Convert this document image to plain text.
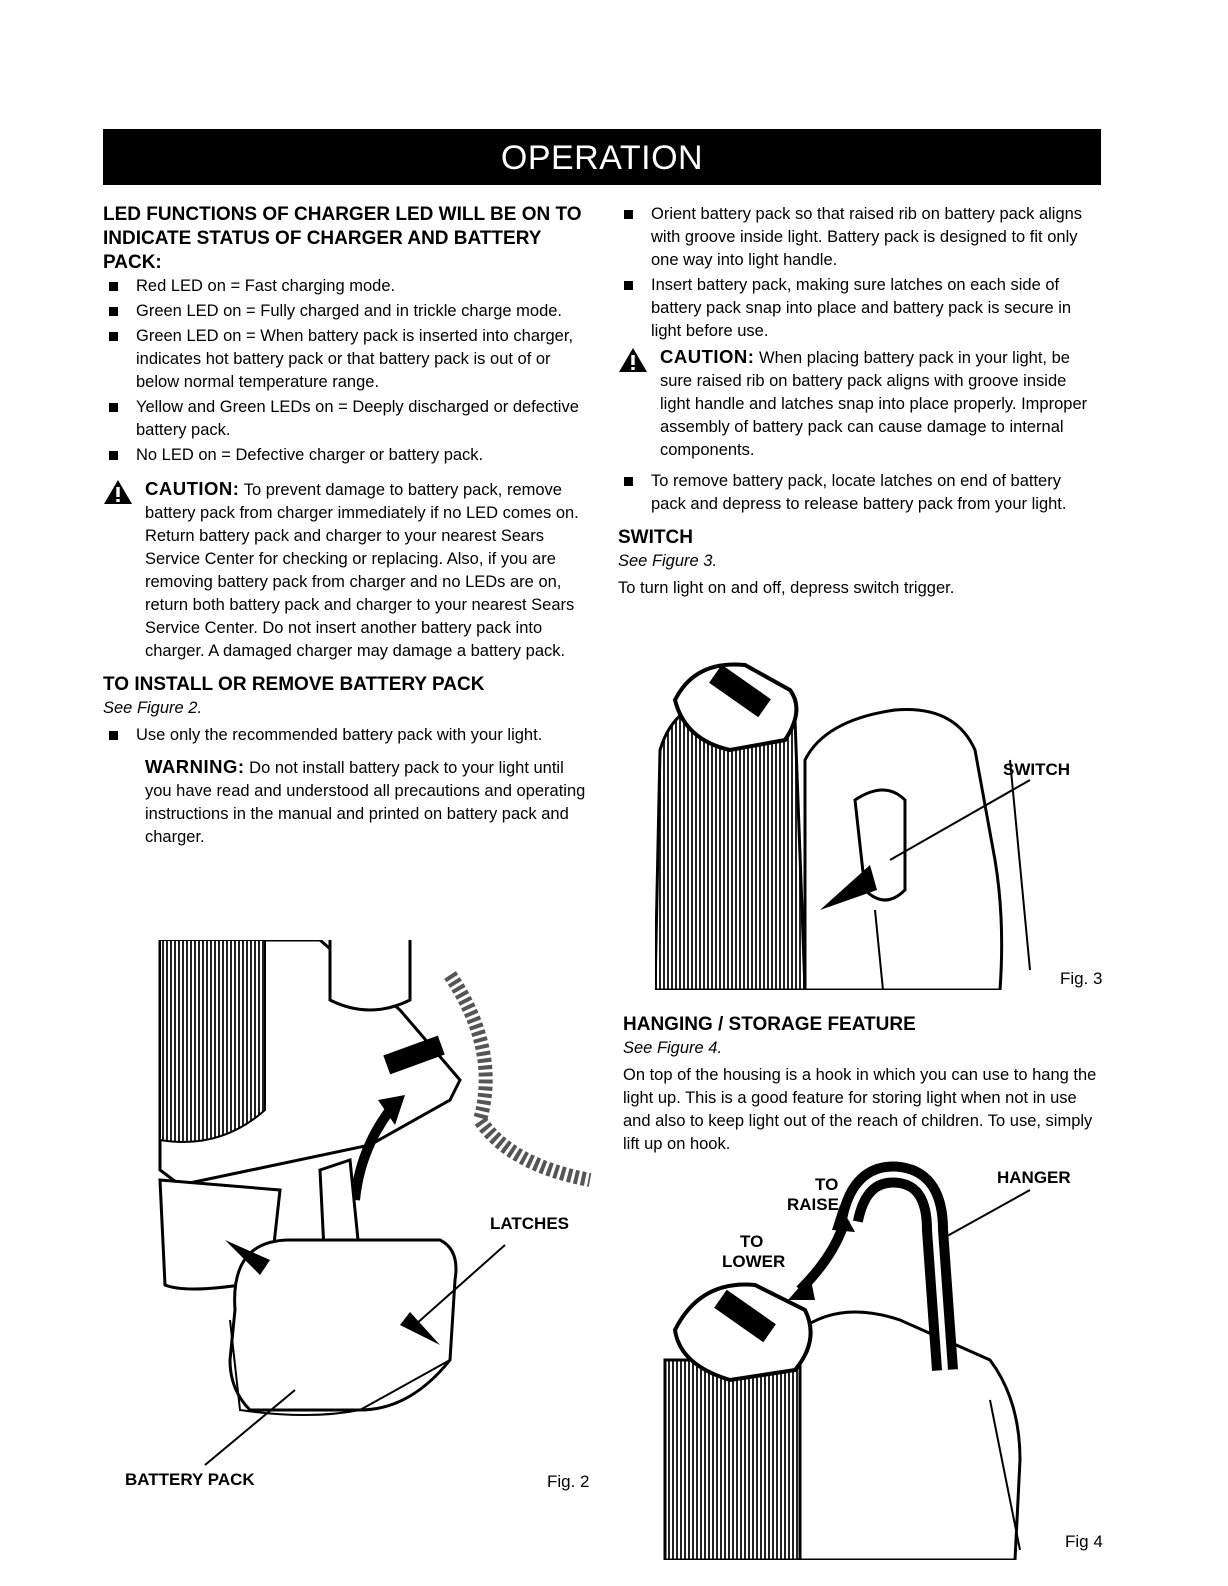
OPERATION
LED FUNCTIONS OF CHARGER LED WILL BE ON TO INDICATE STATUS OF CHARGER AND BATTERY PACK:
Red LED on = Fast charging mode.
Green LED on = Fully charged and in trickle charge mode.
Green LED on = When battery pack is inserted into charger, indicates hot battery pack or that battery pack is out of or below normal temperature range.
Yellow and Green LEDs on = Deeply discharged or defective battery pack.
No LED on = Defective charger or battery pack.
CAUTION: To prevent damage to battery pack, remove battery pack from charger immediately if no LED comes on. Return battery pack and charger to your nearest Sears Service Center for checking or replacing. Also, if you are removing battery pack from charger and no LEDs are on, return both battery pack and charger to your nearest Sears Service Center. Do not insert another battery pack into charger. A damaged charger may damage a battery pack.
TO INSTALL OR REMOVE BATTERY PACK

See Figure 2.

Use only the recommended battery pack with your light.
WARNING: Do not install battery pack to your light until you have read and understood all precautions and operating instructions in the manual and printed on battery pack and charger.
Orient battery pack so that raised rib on battery pack aligns with groove inside light. Battery pack is designed to fit only one way into light handle.
Insert battery pack, making sure latches on each side of battery pack snap into place and battery pack is secure in light before use.
CAUTION: When placing battery pack in your light, be sure raised rib on battery pack aligns with groove inside light handle and latches snap into place properly. Improper assembly of battery pack can cause damage to internal components.
To remove battery pack, locate latches on end of battery pack and depress to release battery pack from your light.
SWITCH

See Figure 3.

To turn light on and off, depress switch trigger.

SWITCH
Fig. 3
HANGING / STORAGE FEATURE

See Figure 4.

On top of the housing is a hook in which you can use to hang the light up. This is a good feature for storing light when not in use and also to keep light out of the reach of children. To use, simply lift up on hook.

TO
RAISE
TO
LOWER
HANGER
Fig 4
LATCHES
BATTERY PACK	Fig. 2
